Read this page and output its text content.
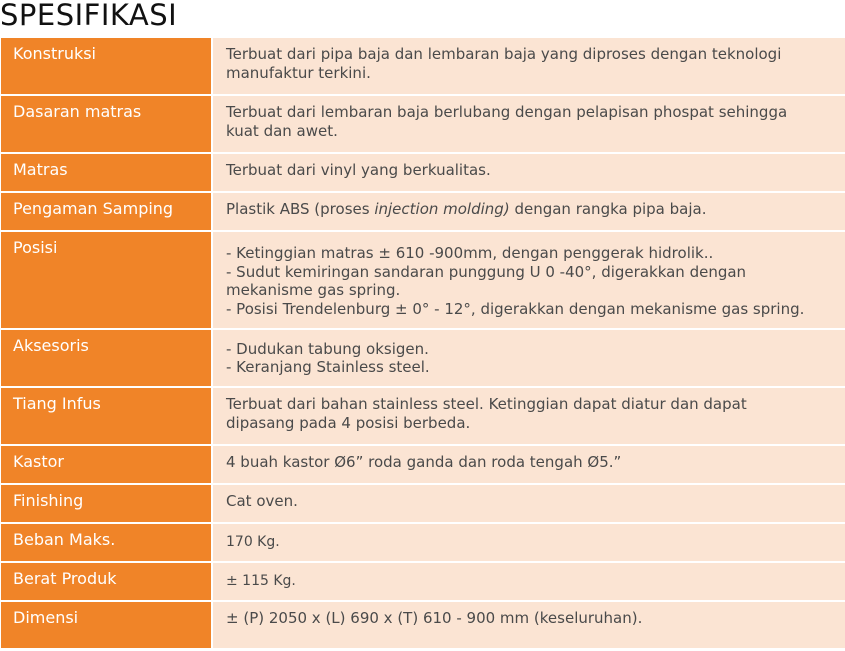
SPESIFIKASI
Konstruksi	Terbuat dari pipa baja dan lembaran baja yang diproses dengan teknologi
manufaktur terkini.
Dasaran matras	Terbuat dari lembaran baja berlubang dengan pelapisan phospat sehingga
kuat dan awet.
Matras	Terbuat dari vinyl yang berkualitas.
Pengaman Samping	Plastik ABS (proses injection molding) dengan rangka pipa baja.
Posisi	- Ketinggian matras ± 610 -900mm, dengan penggerak hidrolik..
- Sudut kemiringan sandaran punggung U 0 -40°, digerakkan dengan
mekanisme gas spring.
- Posisi Trendelenburg ± 0° - 12°, digerakkan dengan mekanisme gas spring.
Aksesoris	- Dudukan tabung oksigen.
- Keranjang Stainless steel.
Tiang Infus	Terbuat dari bahan stainless steel. Ketinggian dapat diatur dan dapat
dipasang pada 4 posisi berbeda.
Kastor	4 buah kastor Ø6” roda ganda dan roda tengah Ø5.”
Finishing	Cat oven.
Beban Maks.	170 Kg.
Berat Produk	± 115 Kg.
Dimensi	± (P) 2050 x (L) 690 x (T) 610 - 900 mm (keseluruhan).
